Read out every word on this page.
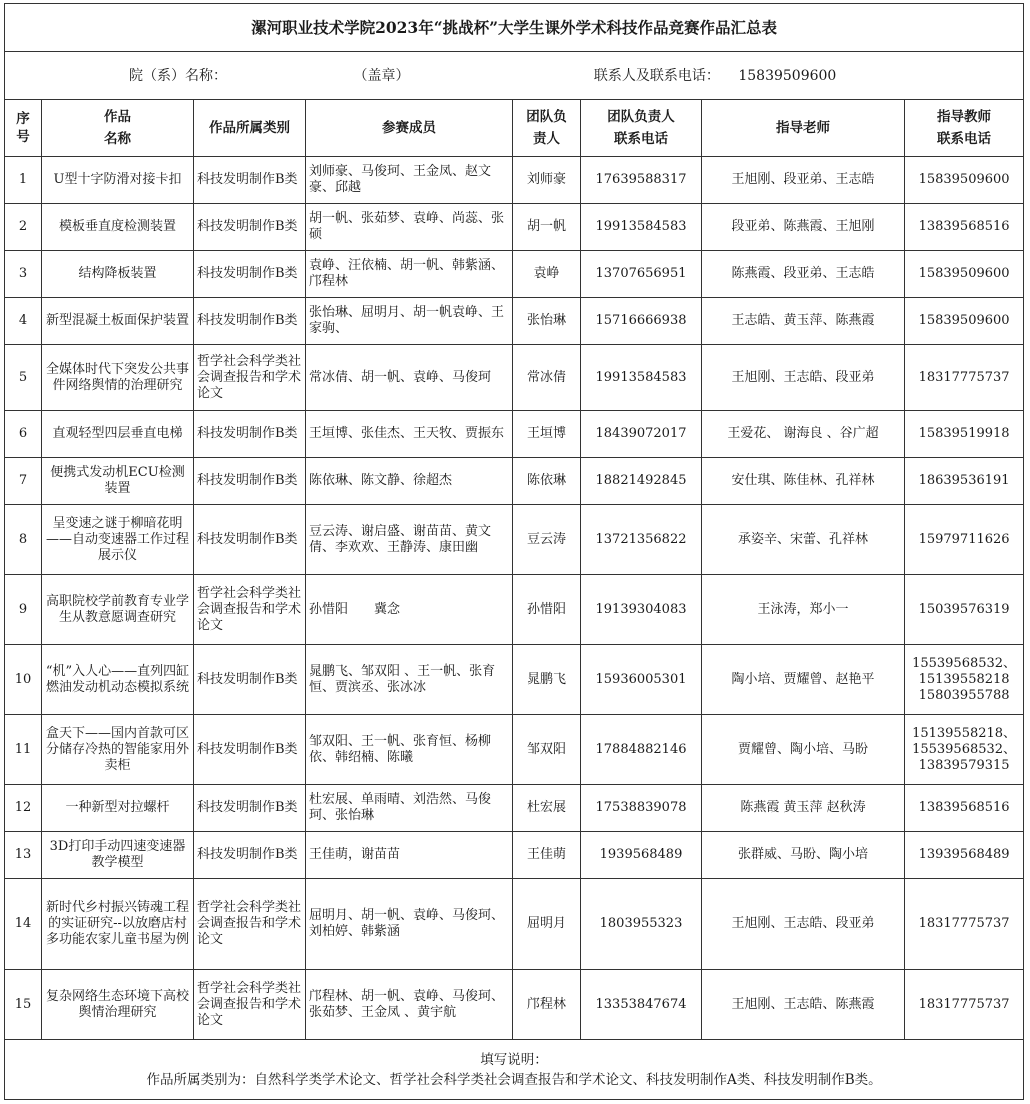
漯河职业技术学院2023年“挑战杯”大学生课外学术科技作品竞赛作品汇总表							
院（系）名称： （盖章） 联系人及联系电话： 15839509600							
序号	作品名称	作品所属类别	参赛成员	团队负责人	团队负责人联系电话	指导老师	指导教师联系电话
1	U型十字防滑对接卡扣	科技发明制作B类	刘师豪、马俊珂、王金凤、赵文豪、邱越	刘师豪	17639588317	王旭刚、段亚弟、王志皓	15839509600
2	模板垂直度检测装置	科技发明制作B类	胡一帆、张茹梦、袁峥、尚蕊、张硕	胡一帆	19913584583	段亚弟、陈燕霞、王旭刚	13839568516
3	结构降板装置	科技发明制作B类	袁峥、汪依楠、胡一帆、韩紫涵、邝程林	袁峥	13707656951	陈燕霞、段亚弟、王志皓	15839509600
4	新型混凝土板面保护装置	科技发明制作B类	张怡琳、屈明月、胡一帆袁峥、王家驹、	张怡琳	15716666938	王志皓、黄玉萍、陈燕霞	15839509600
5	全媒体时代下突发公共事件网络舆情的治理研究	哲学社会科学类社会调查报告和学术论文	常冰倩、胡一帆、袁峥、马俊珂	常冰倩	19913584583	王旭刚、王志皓、段亚弟	18317775737
6	直观轻型四层垂直电梯	科技发明制作B类	王垣博、张佳杰、王天牧、贾振东	王垣博	18439072017	王爱花、 谢海良 、谷广超	15839519918
7	便携式发动机ECU检测装置	科技发明制作B类	陈依琳、陈文静、徐超杰	陈依琳	18821492845	安仕琪、陈佳林、孔祥林	18639536191
8	呈变速之谜于柳暗花明——自动变速器工作过程展示仪	科技发明制作B类	豆云涛、谢启盛、谢苗苗、黄文倩、李欢欢、王静涛、康田幽	豆云涛	13721356822	承姿辛、宋蕾、孔祥林	15979711626
9	高职院校学前教育专业学生从教意愿调查研究	哲学社会科学类社会调查报告和学术论文	孙惜阳　　冀念	孙惜阳	19139304083	王泳涛，郑小一	15039576319
10	“机”入人心——直列四缸燃油发动机动态模拟系统	科技发明制作B类	晁鹏飞、邹双阳 、王一帆、张育恒、贾滨丞、张冰冰	晁鹏飞	15936005301	陶小培、贾耀曾、赵艳平	15539568532、15139558218 15803955788
11	盒天下——国内首款可区分储存冷热的智能家用外卖柜	科技发明制作B类	邹双阳、王一帆、张育恒、杨柳依、韩绍楠、陈曦	邹双阳	17884882146	贾耀曾、陶小培、马盼	15139558218、15539568532、13839579315
12	一种新型对拉螺杆	科技发明制作B类	杜宏展、单雨晴、刘浩然、马俊珂、张怡琳	杜宏展	17538839078	陈燕霞 黄玉萍 赵秋涛	13839568516
13	3D打印手动四速变速器教学模型	科技发明制作B类	王佳萌，谢苗苗	王佳萌	1939568489	张群威、马盼、陶小培	13939568489
14	新时代乡村振兴铸魂工程的实证研究--以放磨店村多功能农家儿童书屋为例	哲学社会科学类社会调查报告和学术论文	屈明月、胡一帆、袁峥、马俊珂、刘柏婷、韩紫涵	屈明月	1803955323	王旭刚、王志皓、段亚弟	18317775737
15	复杂网络生态环境下高校舆情治理研究	哲学社会科学类社会调查报告和学术论文	邝程林、胡一帆、袁峥、马俊珂、张茹梦、王金凤 、黄宇航	邝程林	13353847674	王旭刚、王志皓、陈燕霞	18317775737

填写说明：
作品所属类别为：自然科学类学术论文、哲学社会科学类社会调查报告和学术论文、科技发明制作A类、科技发明制作B类。							
